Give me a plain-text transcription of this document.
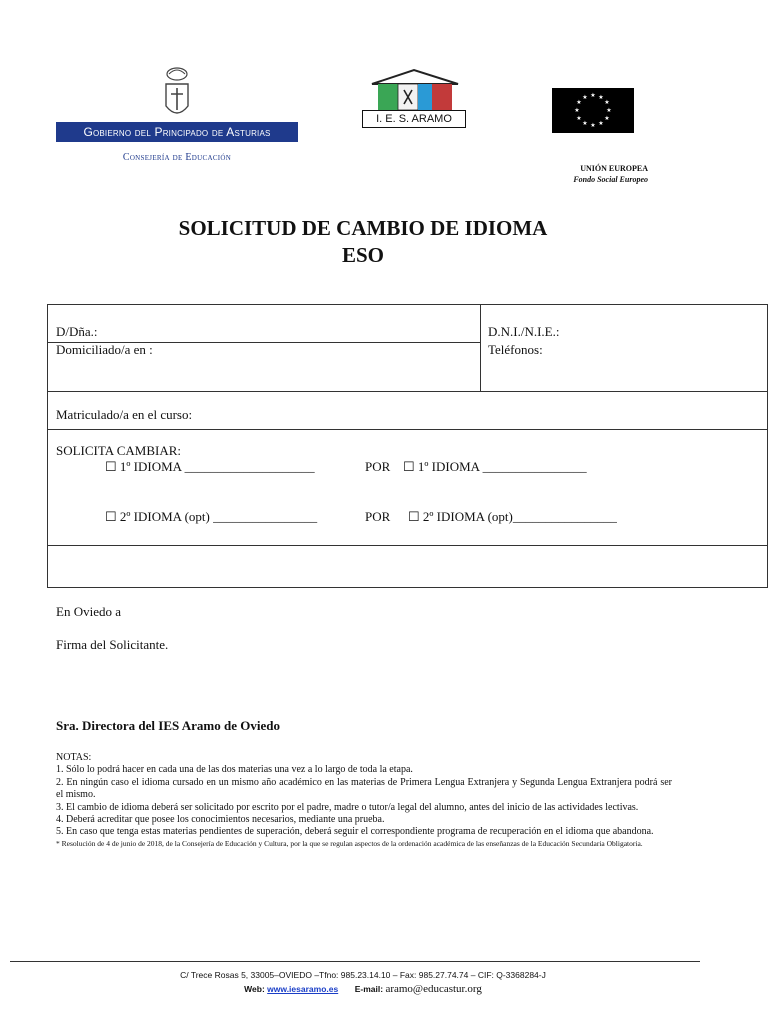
Gobierno del Principado de Asturias
Consejería de Educación
I. E. S. ARAMO
★ ★
★
★
★
★
★
★
★
★
★
★
UNIÓN EUROPEA
Fondo Social Europeo
SOLICITUD DE CAMBIO DE IDIOMA
ESO
D/Dña.:	D.N.I./N.I.E.:
Domiciliado/a en :	Teléfonos:
Matriculado/a en el curso:
SOLICITA CAMBIAR:
☐ 1º IDIOMA ____________________	POR ☐ 1º IDIOMA ________________
☐ 2º IDIOMA (opt) ________________	POR ☐ 2º IDIOMA (opt)________________
En Oviedo a
Firma del Solicitante.
Sra. Directora del IES Aramo de Oviedo

NOTAS:

1. Sólo lo podrá hacer en cada una de las dos materias una vez a lo largo de toda la etapa.

2. En ningún caso el idioma cursado en un mismo año académico en las materias de Primera Lengua Extranjera y Segunda Lengua Extranjera podrá ser el mismo.

3. El cambio de idioma deberá ser solicitado por escrito por el padre, madre o tutor/a legal del alumno, antes del inicio de las actividades lectivas.

4. Deberá acreditar que posee los conocimientos necesarios, mediante una prueba.

5. En caso que tenga estas materias pendientes de superación, deberá seguir el correspondiente programa de recuperación en el idioma que abandona.

* Resolución de 4 de junio de 2018, de la Consejería de Educación y Cultura, por la que se regulan aspectos de la ordenación académica de las enseñanzas de la Educación Secundaria Obligatoria.

C/ Trece Rosas 5, 33005–OVIEDO –Tfno: 985.23.14.10 – Fax: 985.27.74.74 – CIF: Q-3368284-J
Web: www.iesaramo.es E-mail: aramo@educastur.org
